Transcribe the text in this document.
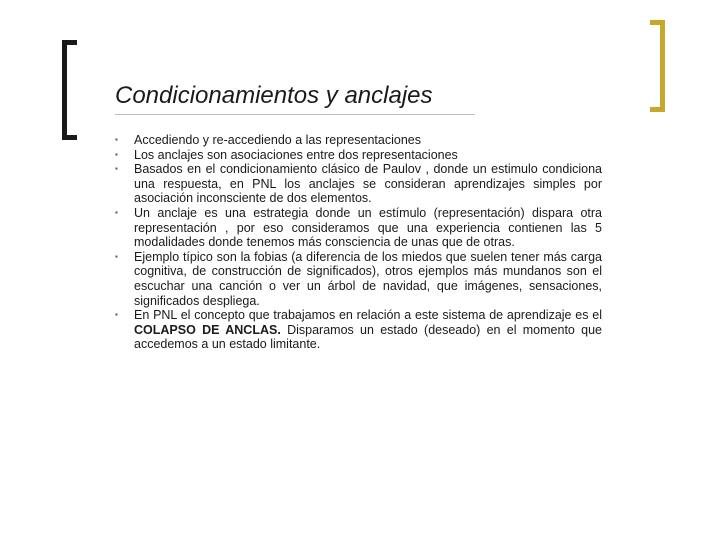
Condicionamientos y anclajes
▪ Accediendo y re-accediendo a las representaciones
▪ Los anclajes son asociaciones entre dos representaciones
▪ Basados en el condicionamiento clásico de Paulov , donde un estimulo condiciona una respuesta, en PNL los anclajes se consideran aprendizajes simples por asociación inconsciente de dos elementos.
▪ Un anclaje es una estrategia donde un estímulo (representación) dispara otra representación , por eso consideramos que una experiencia contienen las 5 modalidades donde tenemos más consciencia de unas que de otras.
▪ Ejemplo típico son la fobias (a diferencia de los miedos que suelen tener más carga cognitiva, de construcción de significados), otros ejemplos más mundanos son el escuchar una canción o ver un árbol de navidad, que imágenes, sensaciones, significados despliega.
▪ En PNL el concepto que trabajamos en relación a este sistema de aprendizaje es el COLAPSO DE ANCLAS. Disparamos un estado (deseado) en el momento que accedemos a un estado limitante.
